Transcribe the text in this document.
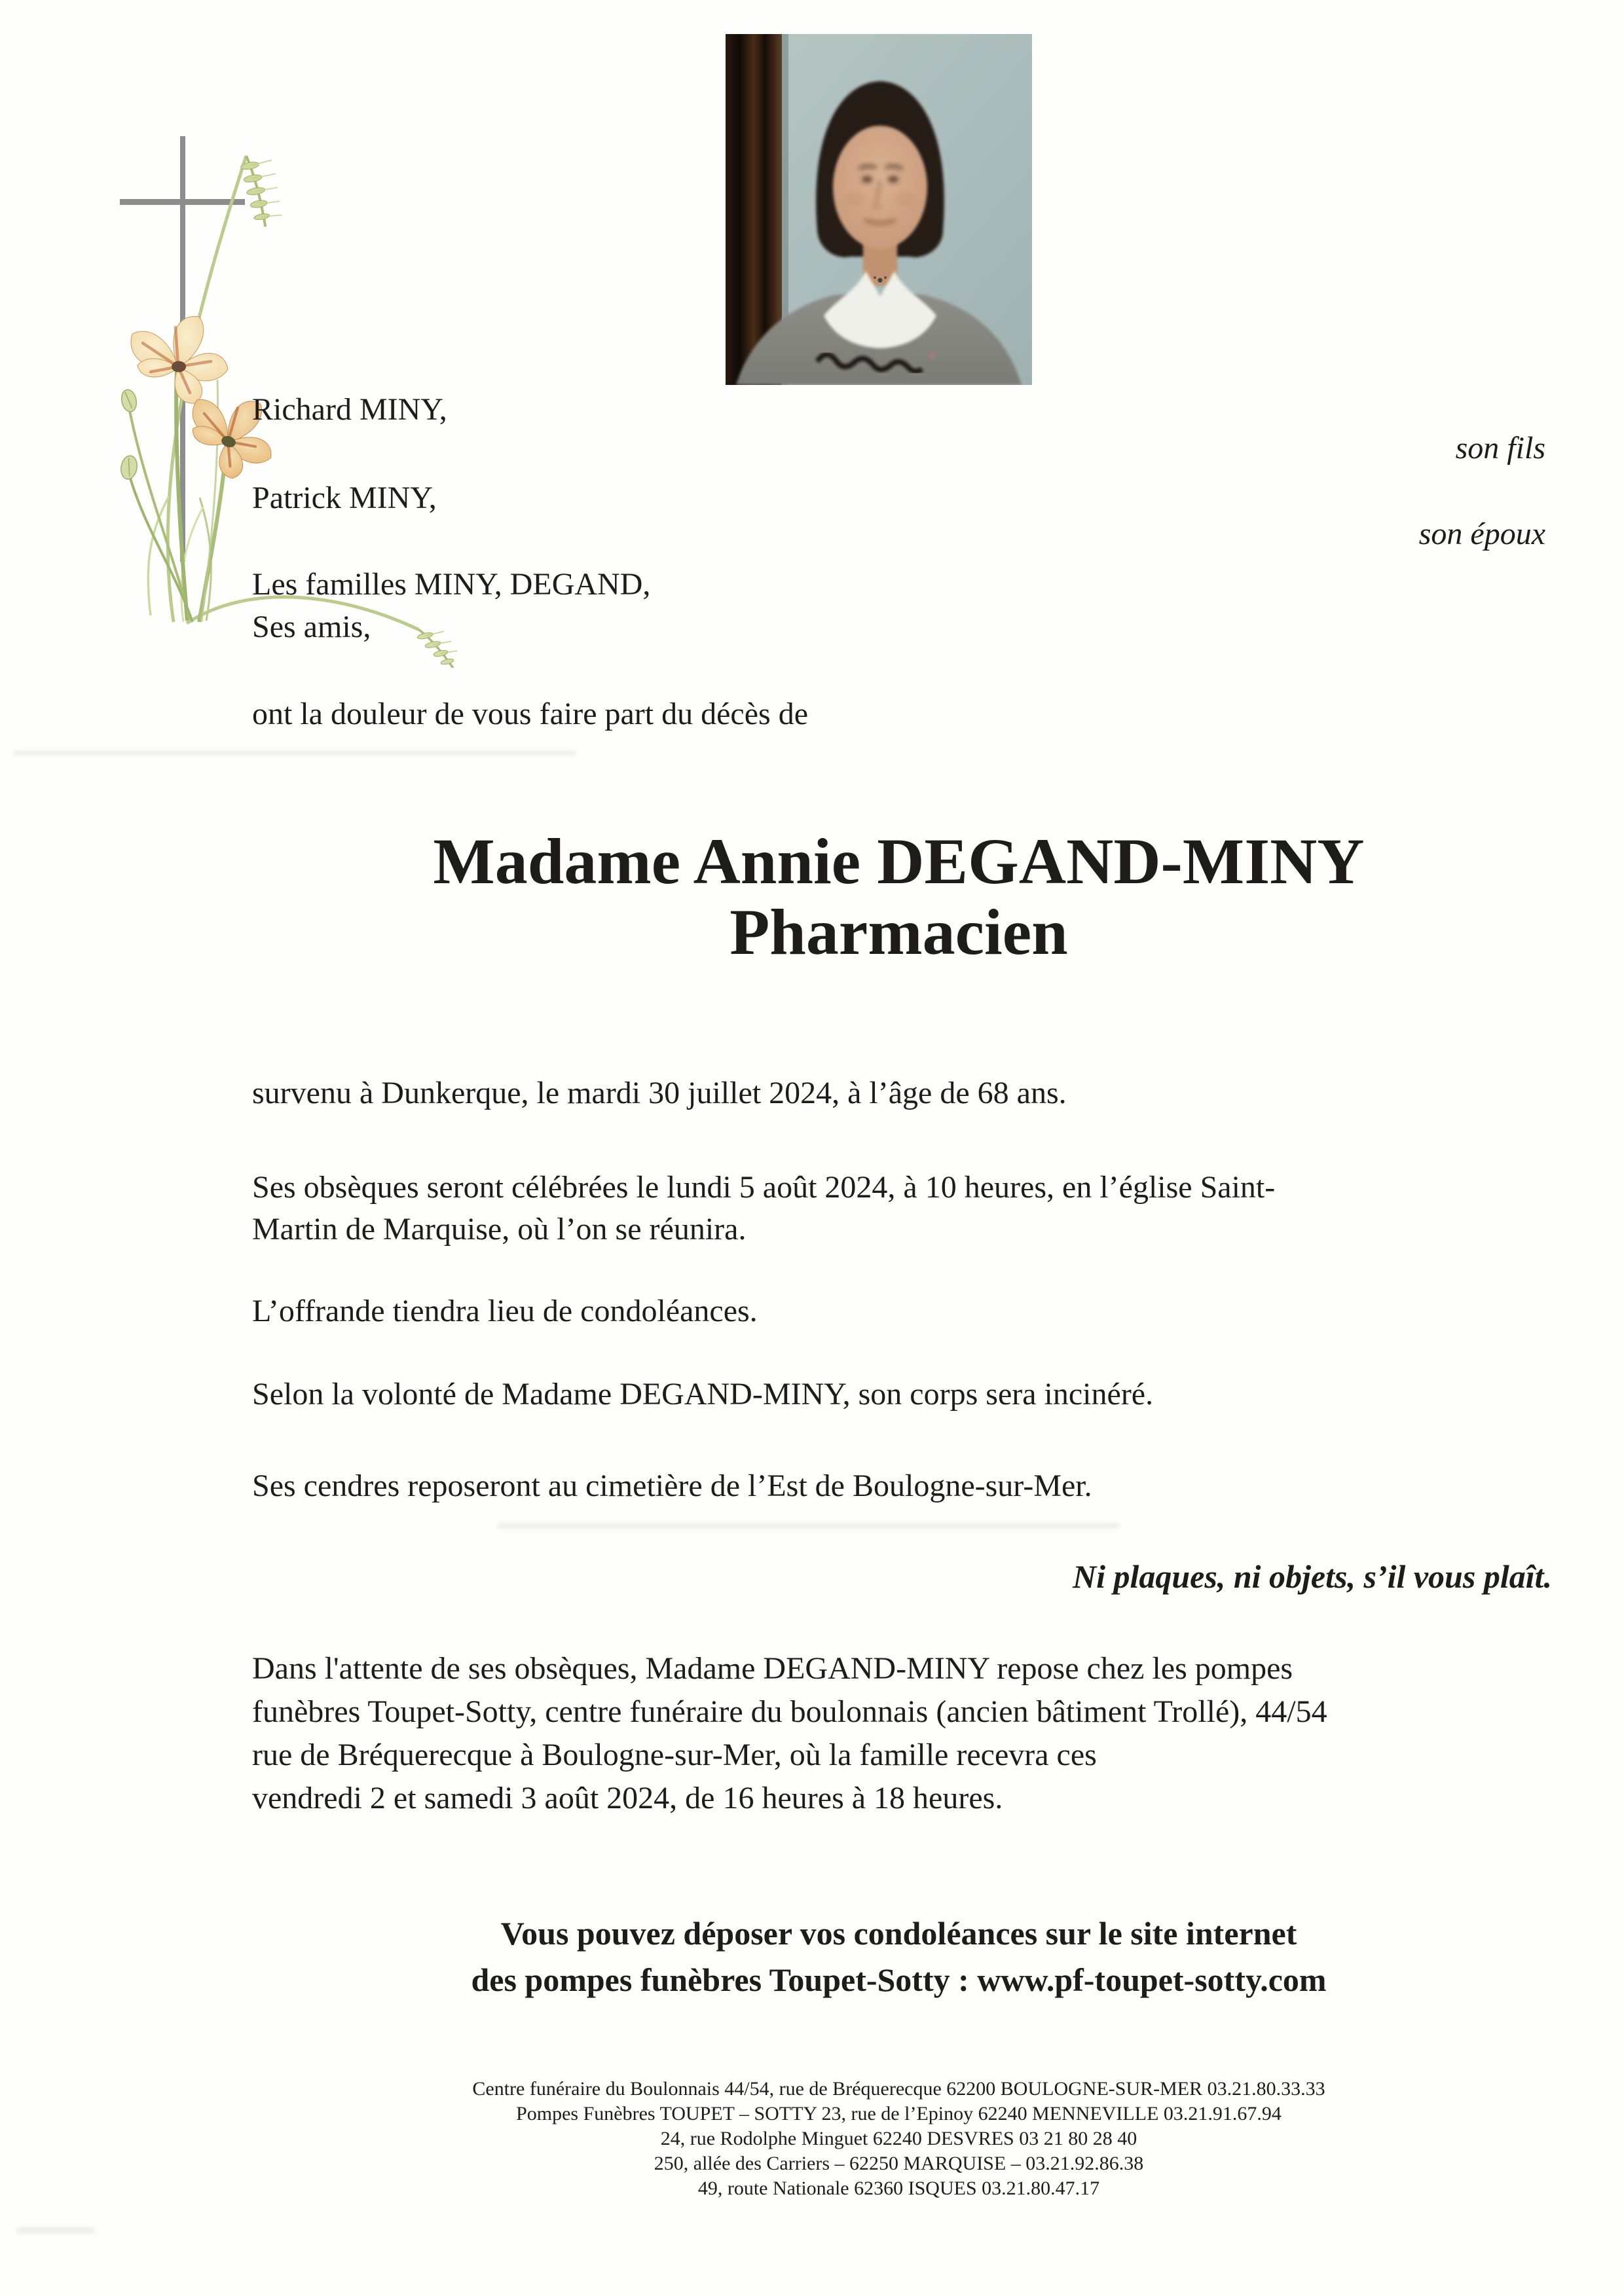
Richard MINY,
son fils
Patrick MINY,
son époux
Les familles MINY, DEGAND,
Ses amis,
ont la douleur de vous faire part du décès de
Madame Annie DEGAND-MINY
Pharmacien
survenu à Dunkerque, le mardi 30 juillet 2024, à l’âge de 68 ans.
Ses obsèques seront célébrées le lundi 5 août 2024, à 10 heures, en l’église Saint-
Martin de Marquise, où l’on se réunira.
L’offrande tiendra lieu de condoléances.
Selon la volonté de Madame DEGAND-MINY, son corps sera incinéré.
Ses cendres reposeront au cimetière de l’Est de Boulogne-sur-Mer.
Ni plaques, ni objets, s’il vous plaît.
Dans l'attente de ses obsèques, Madame DEGAND-MINY repose chez les pompes
funèbres Toupet-Sotty, centre funéraire du boulonnais (ancien bâtiment Trollé), 44/54
rue de Bréquerecque à Boulogne-sur-Mer, où la famille recevra ces
vendredi 2 et samedi 3 août 2024, de 16 heures à 18 heures.
Vous pouvez déposer vos condoléances sur le site internet
des pompes funèbres Toupet-Sotty : www.pf-toupet-sotty.com
Centre funéraire du Boulonnais 44/54, rue de Bréquerecque 62200 BOULOGNE-SUR-MER 03.21.80.33.33
Pompes Funèbres TOUPET – SOTTY 23, rue de l’Epinoy 62240 MENNEVILLE 03.21.91.67.94
24, rue Rodolphe Minguet 62240 DESVRES 03 21 80 28 40
250, allée des Carriers – 62250 MARQUISE – 03.21.92.86.38
49, route Nationale 62360 ISQUES 03.21.80.47.17
